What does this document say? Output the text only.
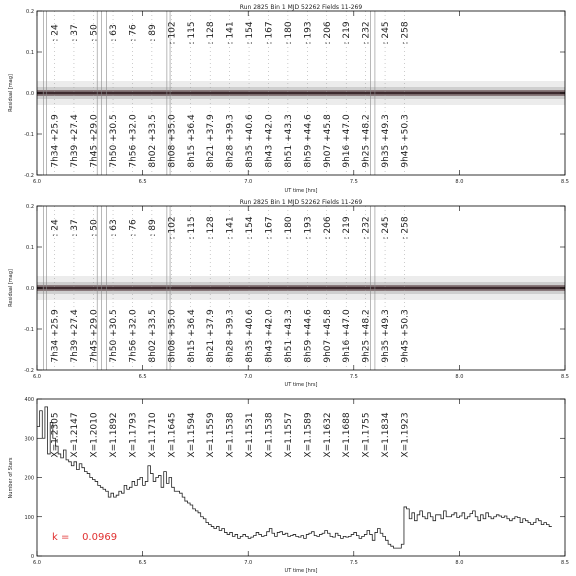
Run 2825 Bin 1 MJD 52262 Fields 11-269
-0.2
-0.1
0.0
0.1
0.2
6.0	6.5	7.0	7.5	8.0	8.5
: 24 : 37 : 50 : 63 : 76 : 89 : 102 : 115 : 128 : 141 : 154 : 167 : 180 : 193 : 206 : 219 : 232 : 245 : 258
7h34 +25.9 7h39 +27.4 7h45 +29.0 7h50 +30.5 7h56 +32.0 8h02 +33.5 8h08 +35.0 8h15 +36.4 8h21 +37.9 8h28 +39.3 8h35 +40.6 8h43 +42.0 8h51 +43.3 8h59 +44.6 9h07 +45.8 9h16 +47.0 9h25 +48.2 9h35 +49.3 9h45 +50.3
Residual [mag]
UT time [hrs]
Run 2825 Bin 1 MJD 52262 Fields 11-269
-0.2
-0.1
0.0
0.1
0.2
6.0	6.5	7.0	7.5	8.0	8.5
: 24 : 37 : 50 : 63 : 76 : 89 : 102 : 115 : 128 : 141 : 154 : 167 : 180 : 193 : 206 : 219 : 232 : 245 : 258
7h34 +25.9 7h39 +27.4 7h45 +29.0 7h50 +30.5 7h56 +32.0 8h02 +33.5 8h08 +35.0 8h15 +36.4 8h21 +37.9 8h28 +39.3 8h35 +40.6 8h43 +42.0 8h51 +43.3 8h59 +44.6 9h07 +45.8 9h16 +47.0 9h25 +48.2 9h35 +49.3 9h45 +50.3
Residual [mag]
UT time [hrs]
0
100
200
300
400
6.0	6.5	7.0	7.5	8.0	8.5
X=1.2305 X=1.2147 X=1.2010 X=1.1892 X=1.1793 X=1.1710 X=1.1645 X=1.1594 X=1.1559 X=1.1538 X=1.1531 X=1.1538 X=1.1557 X=1.1589 X=1.1632 X=1.1688 X=1.1755 X=1.1834 X=1.1923
k =    0.0969
Number of Stars
UT time [hrs]
